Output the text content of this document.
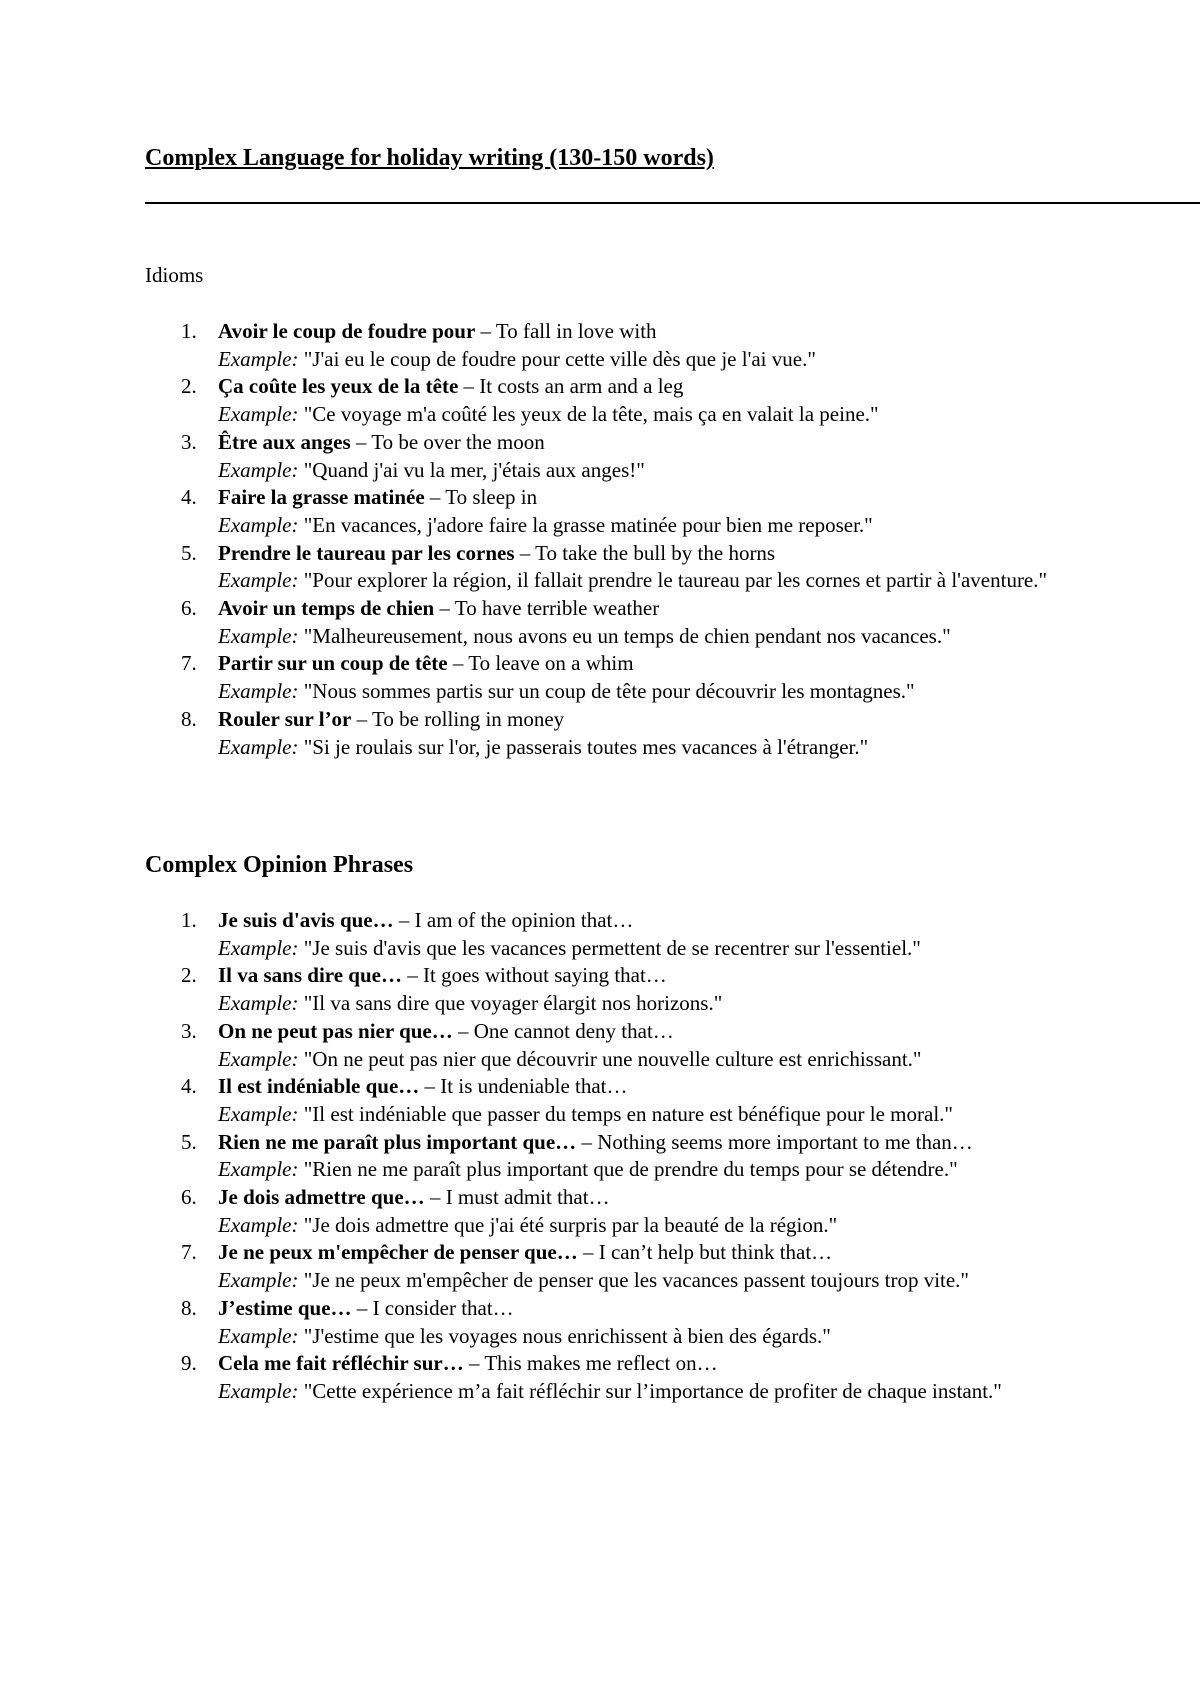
Complex Language for holiday writing (130-150 words)
Idioms
1. Avoir le coup de foudre pour – To fall in love with
Example: "J'ai eu le coup de foudre pour cette ville dès que je l'ai vue."
2. Ça coûte les yeux de la tête – It costs an arm and a leg
Example: "Ce voyage m'a coûté les yeux de la tête, mais ça en valait la peine."
3. Être aux anges – To be over the moon
Example: "Quand j'ai vu la mer, j'étais aux anges!"
4. Faire la grasse matinée – To sleep in
Example: "En vacances, j'adore faire la grasse matinée pour bien me reposer."
5. Prendre le taureau par les cornes – To take the bull by the horns
Example: "Pour explorer la région, il fallait prendre le taureau par les cornes et partir à l'aventure."
6. Avoir un temps de chien – To have terrible weather
Example: "Malheureusement, nous avons eu un temps de chien pendant nos vacances."
7. Partir sur un coup de tête – To leave on a whim
Example: "Nous sommes partis sur un coup de tête pour découvrir les montagnes."
8. Rouler sur l’or – To be rolling in money
Example: "Si je roulais sur l'or, je passerais toutes mes vacances à l'étranger."
Complex Opinion Phrases
1. Je suis d'avis que… – I am of the opinion that…
Example: "Je suis d'avis que les vacances permettent de se recentrer sur l'essentiel."
2. Il va sans dire que… – It goes without saying that…
Example: "Il va sans dire que voyager élargit nos horizons."
3. On ne peut pas nier que… – One cannot deny that…
Example: "On ne peut pas nier que découvrir une nouvelle culture est enrichissant."
4. Il est indéniable que… – It is undeniable that…
Example: "Il est indéniable que passer du temps en nature est bénéfique pour le moral."
5. Rien ne me paraît plus important que… – Nothing seems more important to me than…
Example: "Rien ne me paraît plus important que de prendre du temps pour se détendre."
6. Je dois admettre que… – I must admit that…
Example: "Je dois admettre que j'ai été surpris par la beauté de la région."
7. Je ne peux m'empêcher de penser que… – I can’t help but think that…
Example: "Je ne peux m'empêcher de penser que les vacances passent toujours trop vite."
8. J’estime que… – I consider that…
Example: "J'estime que les voyages nous enrichissent à bien des égards."
9. Cela me fait réfléchir sur… – This makes me reflect on…
Example: "Cette expérience m’a fait réfléchir sur l’importance de profiter de chaque instant."
